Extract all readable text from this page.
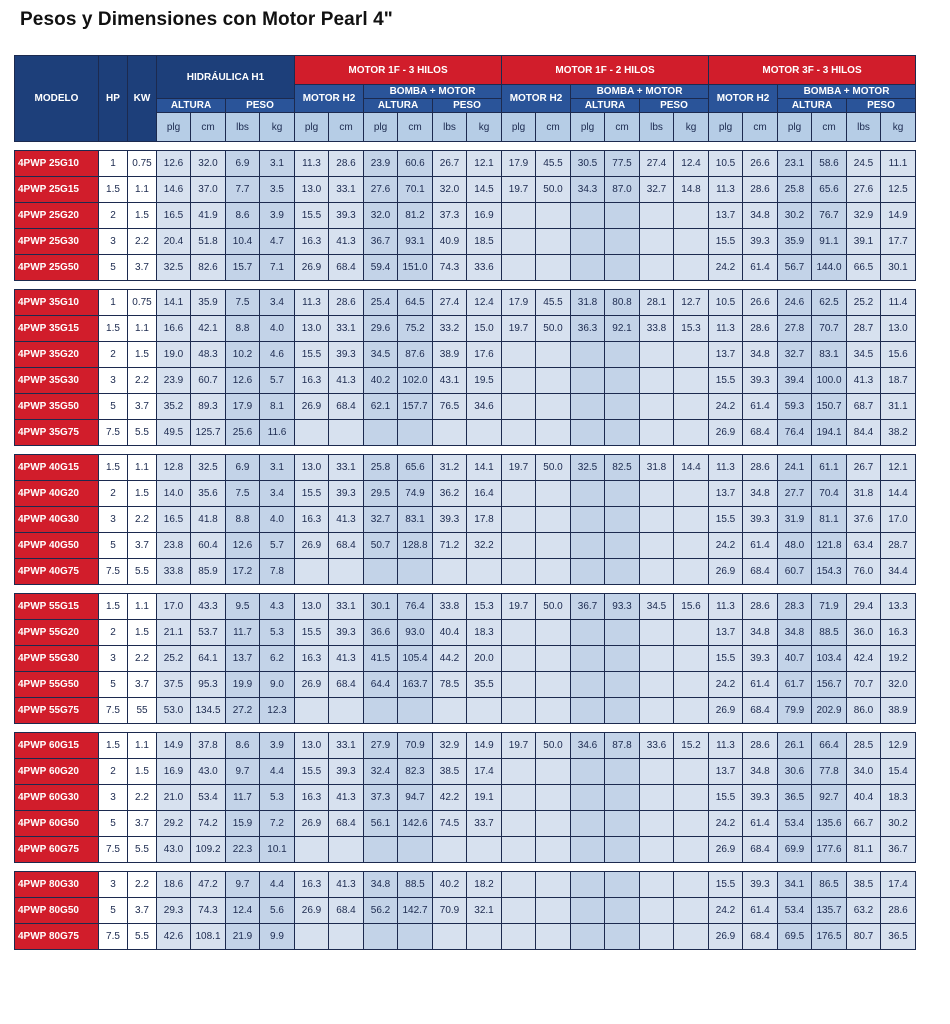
Pesos y Dimensiones con Motor Pearl 4"
MODELO	HP	KW	HIDRÁULICA H1				MOTOR 1F - 3 HILOS						MOTOR 1F - 2 HILOS						MOTOR 3F - 3 HILOS					
							MOTOR H2		BOMBA + MOTOR				MOTOR H2		BOMBA + MOTOR				MOTOR H2		BOMBA + MOTOR			
			ALTURA		PESO				ALTURA		PESO				ALTURA		PESO				ALTURA		PESO	
			plg	cm	lbs	kg	plg	cm	plg	cm	lbs	kg	plg	cm	plg	cm	lbs	kg	plg	cm	plg	cm	lbs	kg

4PWP 25G10	1	0.75	12.6	32.0	6.9	3.1	11.3	28.6	23.9	60.6	26.7	12.1	17.9	45.5	30.5	77.5	27.4	12.4	10.5	26.6	23.1	58.6	24.5	11.1
4PWP 25G15	1.5	1.1	14.6	37.0	7.7	3.5	13.0	33.1	27.6	70.1	32.0	14.5	19.7	50.0	34.3	87.0	32.7	14.8	11.3	28.6	25.8	65.6	27.6	12.5
4PWP 25G20	2	1.5	16.5	41.9	8.6	3.9	15.5	39.3	32.0	81.2	37.3	16.9							13.7	34.8	30.2	76.7	32.9	14.9
4PWP 25G30	3	2.2	20.4	51.8	10.4	4.7	16.3	41.3	36.7	93.1	40.9	18.5							15.5	39.3	35.9	91.1	39.1	17.7
4PWP 25G50	5	3.7	32.5	82.6	15.7	7.1	26.9	68.4	59.4	151.0	74.3	33.6							24.2	61.4	56.7	144.0	66.5	30.1

4PWP 35G10	1	0.75	14.1	35.9	7.5	3.4	11.3	28.6	25.4	64.5	27.4	12.4	17.9	45.5	31.8	80.8	28.1	12.7	10.5	26.6	24.6	62.5	25.2	11.4
4PWP 35G15	1.5	1.1	16.6	42.1	8.8	4.0	13.0	33.1	29.6	75.2	33.2	15.0	19.7	50.0	36.3	92.1	33.8	15.3	11.3	28.6	27.8	70.7	28.7	13.0
4PWP 35G20	2	1.5	19.0	48.3	10.2	4.6	15.5	39.3	34.5	87.6	38.9	17.6							13.7	34.8	32.7	83.1	34.5	15.6
4PWP 35G30	3	2.2	23.9	60.7	12.6	5.7	16.3	41.3	40.2	102.0	43.1	19.5							15.5	39.3	39.4	100.0	41.3	18.7
4PWP 35G50	5	3.7	35.2	89.3	17.9	8.1	26.9	68.4	62.1	157.7	76.5	34.6							24.2	61.4	59.3	150.7	68.7	31.1
4PWP 35G75	7.5	5.5	49.5	125.7	25.6	11.6													26.9	68.4	76.4	194.1	84.4	38.2

4PWP 40G15	1.5	1.1	12.8	32.5	6.9	3.1	13.0	33.1	25.8	65.6	31.2	14.1	19.7	50.0	32.5	82.5	31.8	14.4	11.3	28.6	24.1	61.1	26.7	12.1
4PWP 40G20	2	1.5	14.0	35.6	7.5	3.4	15.5	39.3	29.5	74.9	36.2	16.4							13.7	34.8	27.7	70.4	31.8	14.4
4PWP 40G30	3	2.2	16.5	41.8	8.8	4.0	16.3	41.3	32.7	83.1	39.3	17.8							15.5	39.3	31.9	81.1	37.6	17.0
4PWP 40G50	5	3.7	23.8	60.4	12.6	5.7	26.9	68.4	50.7	128.8	71.2	32.2							24.2	61.4	48.0	121.8	63.4	28.7
4PWP 40G75	7.5	5.5	33.8	85.9	17.2	7.8													26.9	68.4	60.7	154.3	76.0	34.4

4PWP 55G15	1.5	1.1	17.0	43.3	9.5	4.3	13.0	33.1	30.1	76.4	33.8	15.3	19.7	50.0	36.7	93.3	34.5	15.6	11.3	28.6	28.3	71.9	29.4	13.3
4PWP 55G20	2	1.5	21.1	53.7	11.7	5.3	15.5	39.3	36.6	93.0	40.4	18.3							13.7	34.8	34.8	88.5	36.0	16.3
4PWP 55G30	3	2.2	25.2	64.1	13.7	6.2	16.3	41.3	41.5	105.4	44.2	20.0							15.5	39.3	40.7	103.4	42.4	19.2
4PWP 55G50	5	3.7	37.5	95.3	19.9	9.0	26.9	68.4	64.4	163.7	78.5	35.5							24.2	61.4	61.7	156.7	70.7	32.0
4PWP 55G75	7.5	55	53.0	134.5	27.2	12.3													26.9	68.4	79.9	202.9	86.0	38.9

4PWP 60G15	1.5	1.1	14.9	37.8	8.6	3.9	13.0	33.1	27.9	70.9	32.9	14.9	19.7	50.0	34.6	87.8	33.6	15.2	11.3	28.6	26.1	66.4	28.5	12.9
4PWP 60G20	2	1.5	16.9	43.0	9.7	4.4	15.5	39.3	32.4	82.3	38.5	17.4							13.7	34.8	30.6	77.8	34.0	15.4
4PWP 60G30	3	2.2	21.0	53.4	11.7	5.3	16.3	41.3	37.3	94.7	42.2	19.1							15.5	39.3	36.5	92.7	40.4	18.3
4PWP 60G50	5	3.7	29.2	74.2	15.9	7.2	26.9	68.4	56.1	142.6	74.5	33.7							24.2	61.4	53.4	135.6	66.7	30.2
4PWP 60G75	7.5	5.5	43.0	109.2	22.3	10.1													26.9	68.4	69.9	177.6	81.1	36.7

4PWP 80G30	3	2.2	18.6	47.2	9.7	4.4	16.3	41.3	34.8	88.5	40.2	18.2							15.5	39.3	34.1	86.5	38.5	17.4
4PWP 80G50	5	3.7	29.3	74.3	12.4	5.6	26.9	68.4	56.2	142.7	70.9	32.1							24.2	61.4	53.4	135.7	63.2	28.6
4PWP 80G75	7.5	5.5	42.6	108.1	21.9	9.9													26.9	68.4	69.5	176.5	80.7	36.5
